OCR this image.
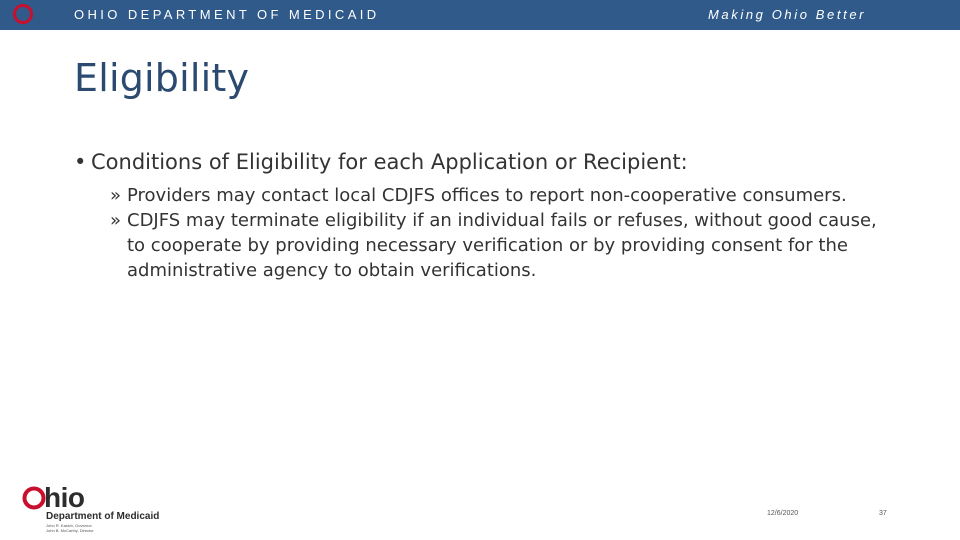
OHIO DEPARTMENT OF MEDICAID	Making Ohio Better
Eligibility
• Conditions of Eligibility for each Application or Recipient:
» Providers may contact local CDJFS offices to report non-cooperative consumers.
» CDJFS may terminate eligibility if an individual fails or refuses, without good cause, to cooperate by providing necessary verification or by providing consent for the administrative agency to obtain verifications.
hio
Department of Medicaid
John R. Kasich, Governor
John B. McCarthy, Director
12/6/2020	37
